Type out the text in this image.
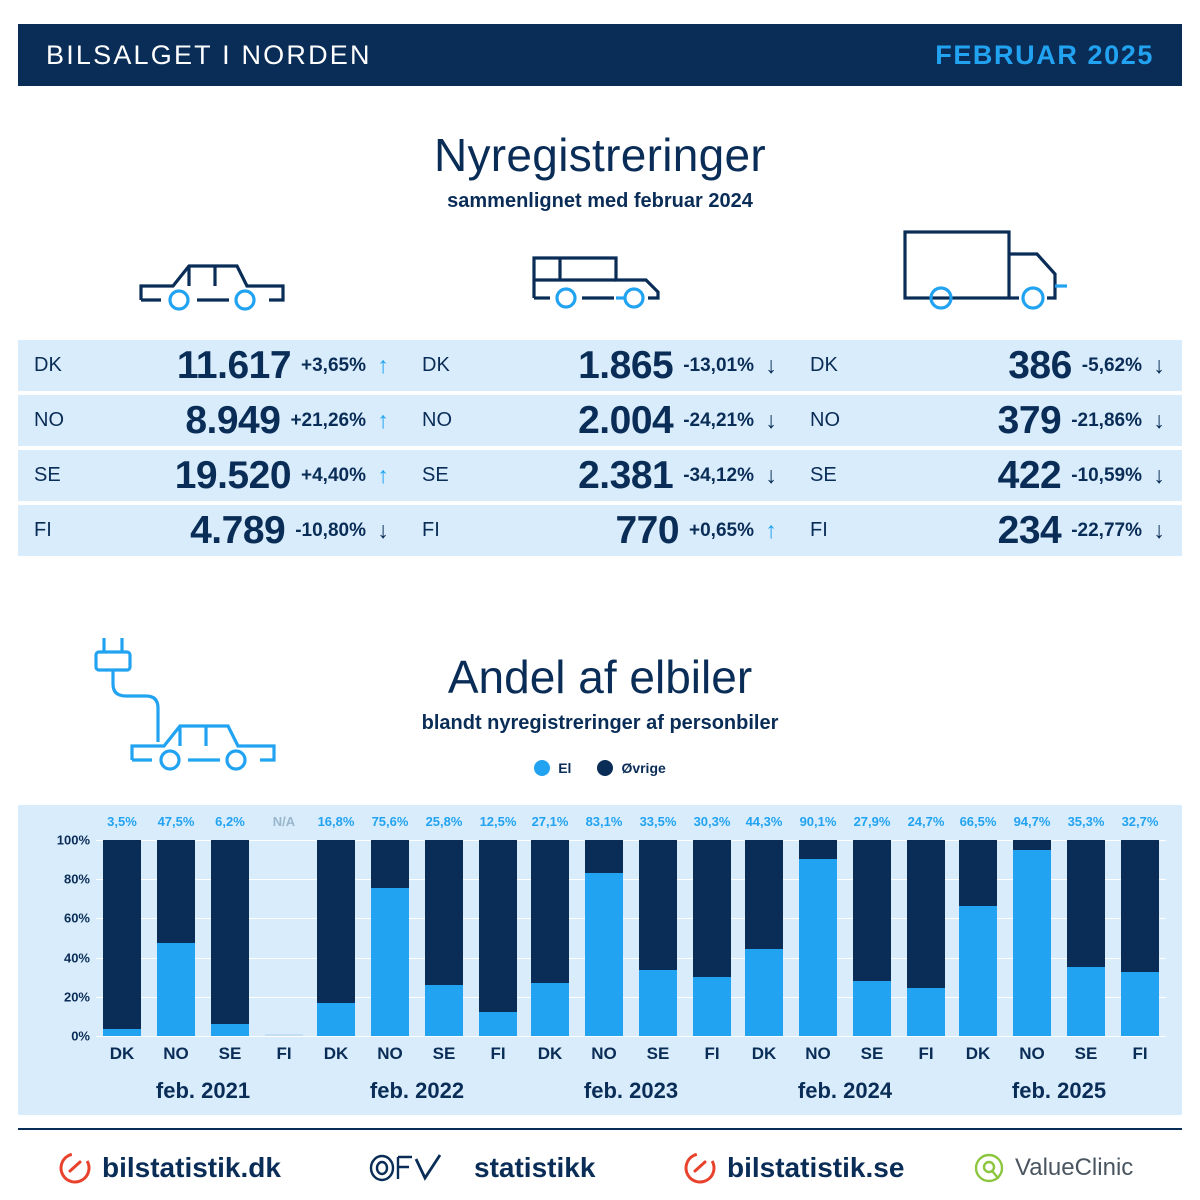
BILSALGET I NORDEN	FEBRUAR 2025
Nyregistreringer
sammenlignet med februar 2024
DK	11.617 +3,65% ↑
NO	8.949 +21,26% ↑
SE	19.520 +4,40% ↑
FI	4.789 -10,80% ↓
DK	1.865 -13,01% ↓
NO	2.004 -24,21% ↓
SE	2.381 -34,12% ↓
FI	770 +0,65% ↑
DK	386 -5,62% ↓
NO	379 -21,86% ↓
SE	422 -10,59% ↓
FI	234 -22,77% ↓
Andel af elbiler
blandt nyregistreringer af personbiler
El	Øvrige
0%
20%
40%
60%
80%
100%
3,5%
DK
47,5%
NO
6,2%
SE
N/A
FI
feb. 2021
16,8%
DK
75,6%
NO
25,8%
SE
12,5%
FI
feb. 2022
27,1%
DK
83,1%
NO
33,5%
SE
30,3%
FI
feb. 2023
44,3%
DK
90,1%
NO
27,9%
SE
24,7%
FI
feb. 2024
66,5%
DK
94,7%
NO
35,3%
SE
32,7%
FI
feb. 2025
bilstatistik.dk	statistikk	bilstatistik.se	ValueClinic
